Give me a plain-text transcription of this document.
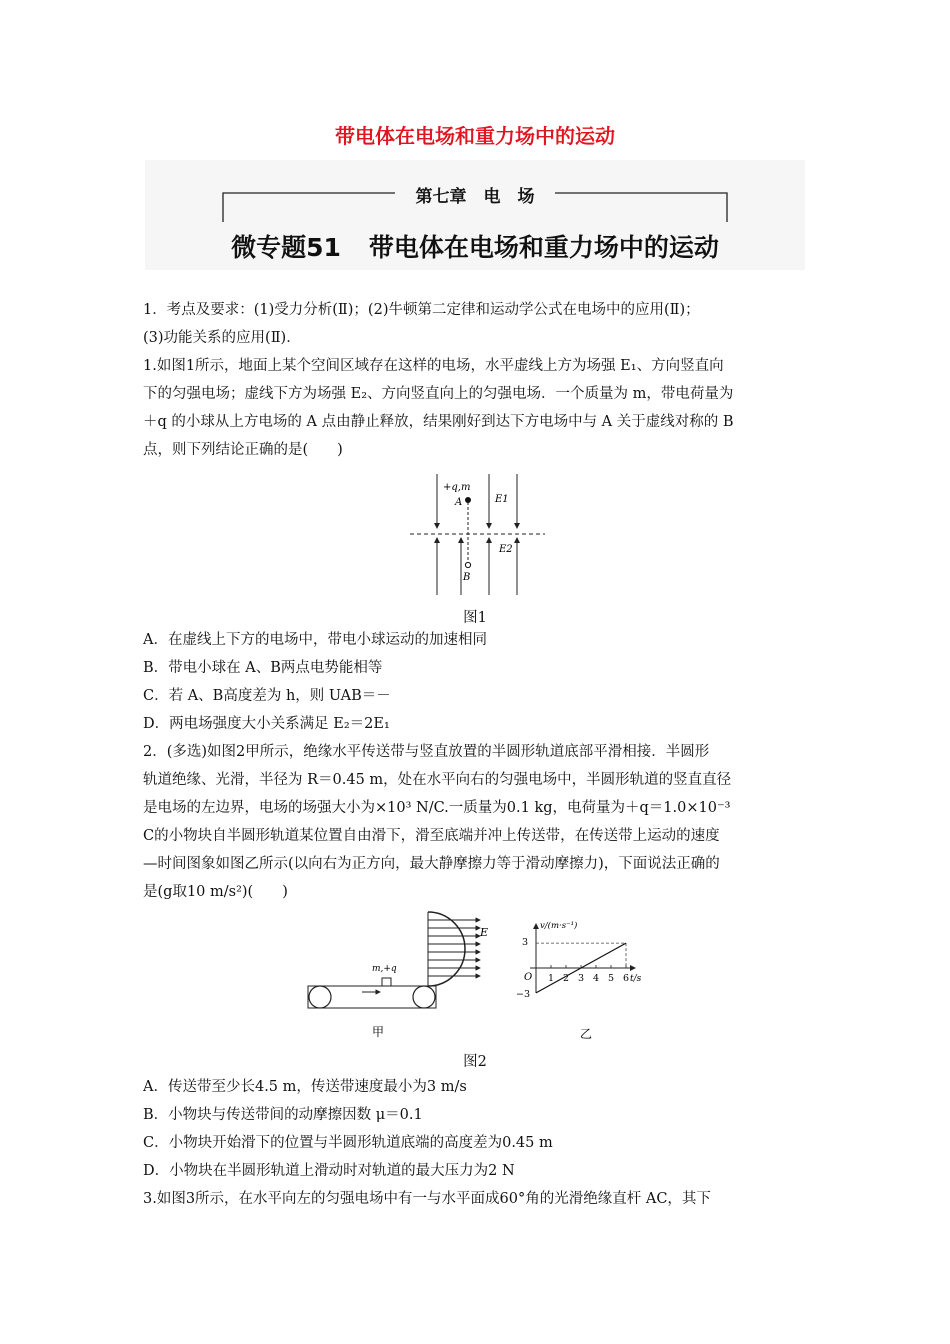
带电体在电场和重力场中的运动
第七章　电　场
微专题51 带电体在电场和重力场中的运动
1．考点及要求：(1)受力分析(Ⅱ)；(2)牛顿第二定律和运动学公式在电场中的应用(Ⅱ)；
(3)功能关系的应用(Ⅱ)．
1.如图1所示，地面上某个空间区域存在这样的电场，水平虚线上方为场强 E₁、方向竖直向
下的匀强电场；虚线下方为场强 E₂、方向竖直向上的匀强电场．一个质量为 m，带电荷量为
＋q 的小球从上方电场的 A 点由静止释放，结果刚好到达下方电场中与 A 关于虚线对称的 B
点，则下列结论正确的是(　　)
+q,m
A
B
E1
E2
图1
A．在虚线上下方的电场中，带电小球运动的加速相同
B．带电小球在 A、B两点电势能相等
C．若 A、B高度差为 h，则 UAB＝－
D．两电场强度大小关系满足 E₂＝2E₁
2．(多选)如图2甲所示，绝缘水平传送带与竖直放置的半圆形轨道底部平滑相接．半圆形
轨道绝缘、光滑，半径为 R＝0.45 m，处在水平向右的匀强电场中，半圆形轨道的竖直直径
是电场的左边界，电场的场强大小为×10³ N/C.一质量为0.1 kg，电荷量为＋q＝1.0×10⁻³
C的小物块自半圆形轨道某位置自由滑下，滑至底端并冲上传送带，在传送带上运动的速度
—时间图象如图乙所示(以向右为正方向，最大静摩擦力等于滑动摩擦力)，下面说法正确的
是(g取10 m/s²)(　　)
E
m,+q
甲
1 2 3 4 5 6
v/(m·s⁻¹)
t/s
O
3
−3
乙
图2
A．传送带至少长4.5 m，传送带速度最小为3 m/s
B．小物块与传送带间的动摩擦因数 μ＝0.1
C．小物块开始滑下的位置与半圆形轨道底端的高度差为0.45 m
D．小物块在半圆形轨道上滑动时对轨道的最大压力为2 N
3.如图3所示，在水平向左的匀强电场中有一与水平面成60°角的光滑绝缘直杆 AC，其下
